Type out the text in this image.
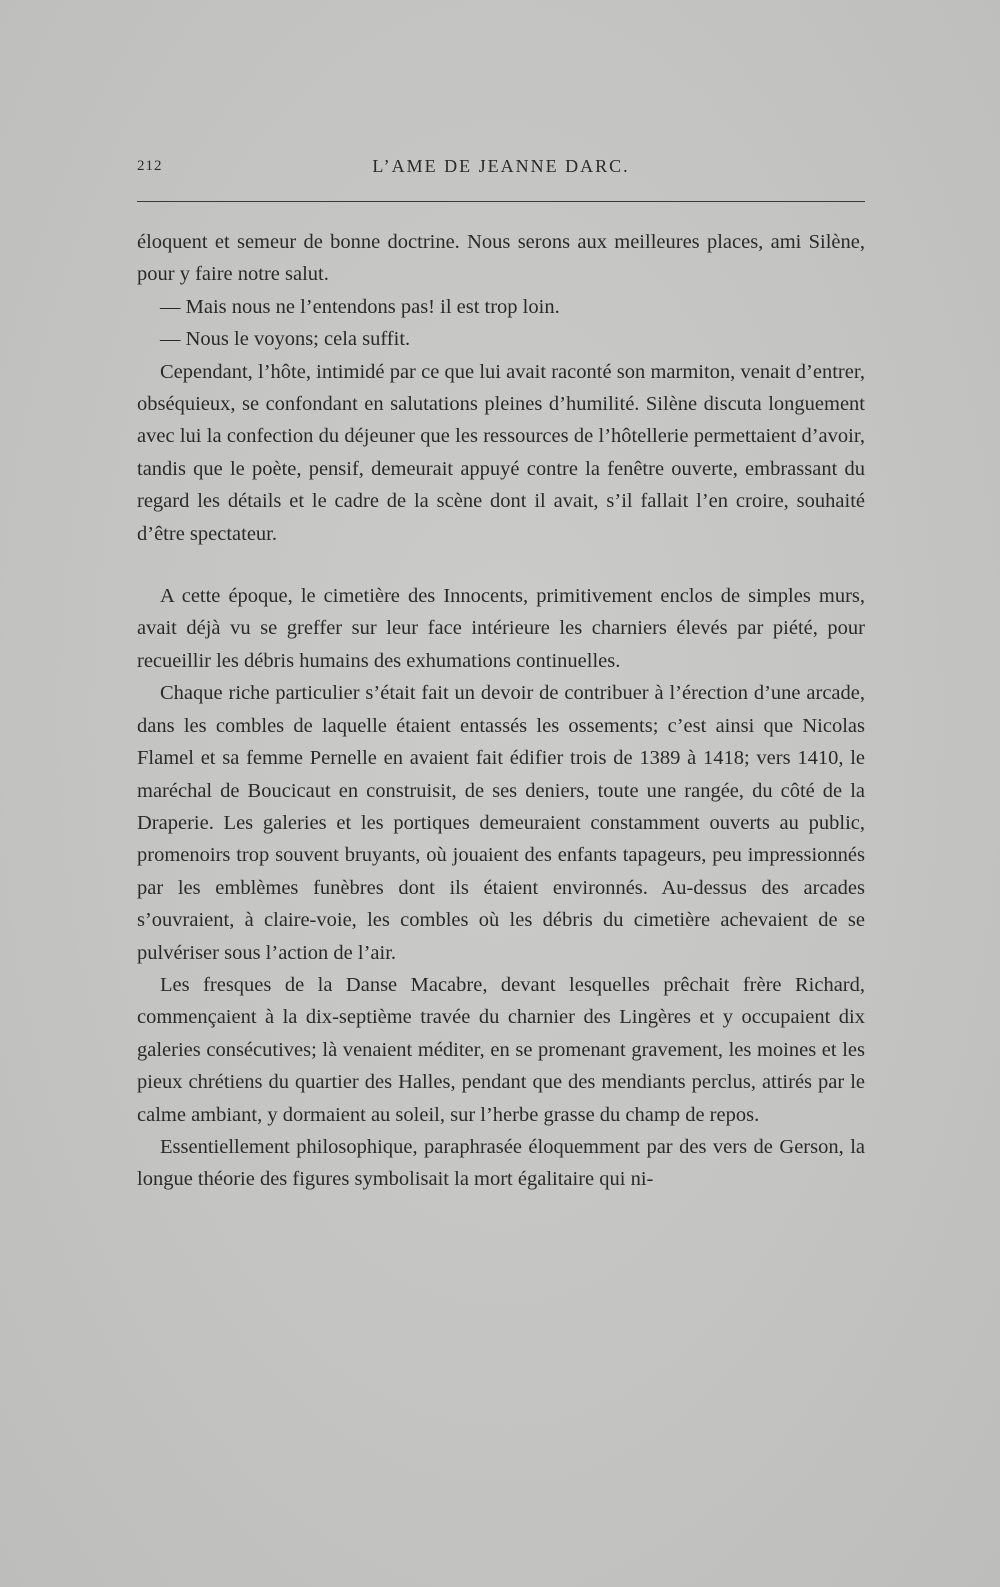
212	L’AME DE JEANNE DARC.

éloquent et semeur de bonne doctrine. Nous serons aux meilleures places, ami Silène, pour y faire notre salut.

— Mais nous ne l’entendons pas! il est trop loin.

— Nous le voyons; cela suffit.

Cependant, l’hôte, intimidé par ce que lui avait raconté son marmiton, venait d’entrer, obséquieux, se confondant en salutations pleines d’humilité. Silène discuta longuement avec lui la confection du déjeuner que les ressources de l’hôtellerie permettaient d’avoir, tandis que le poète, pensif, demeurait appuyé contre la fenêtre ouverte, embrassant du regard les détails et le cadre de la scène dont il avait, s’il fallait l’en croire, souhaité d’être spectateur.

A cette époque, le cimetière des Innocents, primitivement enclos de simples murs, avait déjà vu se greffer sur leur face intérieure les charniers élevés par piété, pour recueillir les débris humains des exhumations continuelles.

Chaque riche particulier s’était fait un devoir de contribuer à l’érection d’une arcade, dans les combles de laquelle étaient entassés les ossements; c’est ainsi que Nicolas Flamel et sa femme Pernelle en avaient fait édifier trois de 1389 à 1418; vers 1410, le maréchal de Boucicaut en construisit, de ses deniers, toute une rangée, du côté de la Draperie. Les galeries et les portiques demeuraient constamment ouverts au public, promenoirs trop souvent bruyants, où jouaient des enfants tapageurs, peu impressionnés par les emblèmes funèbres dont ils étaient environnés. Au-dessus des arcades s’ouvraient, à claire-voie, les combles où les débris du cimetière achevaient de se pulvériser sous l’action de l’air.

Les fresques de la Danse Macabre, devant lesquelles prêchait frère Richard, commençaient à la dix-septième travée du charnier des Lingères et y occupaient dix galeries consécutives; là venaient méditer, en se promenant gravement, les moines et les pieux chrétiens du quartier des Halles, pendant que des mendiants perclus, attirés par le calme ambiant, y dormaient au soleil, sur l’herbe grasse du champ de repos.

Essentiellement philosophique, paraphrasée éloquemment par des vers de Gerson, la longue théorie des figures symbolisait la mort égalitaire qui ni-
